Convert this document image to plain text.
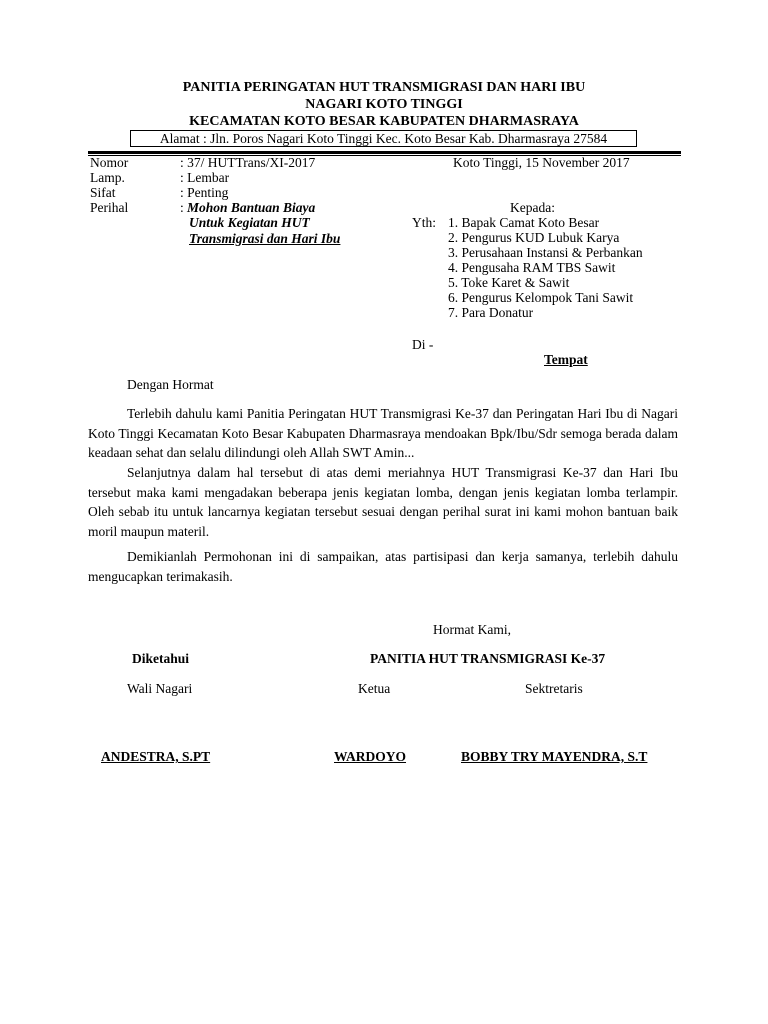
PANITIA PERINGATAN HUT TRANSMIGRASI DAN HARI IBU
NAGARI KOTO TINGGI
KECAMATAN KOTO BESAR KABUPATEN DHARMASRAYA
Alamat : Jln. Poros Nagari Koto Tinggi Kec. Koto Besar Kab. Dharmasraya 27584
Nomor	: 37/ HUTTrans/XI-2017	Koto Tinggi, 15 November 2017
Lamp.	: Lembar
Sifat	: Penting
Perihal	: Mohon Bantuan Biaya
Untuk Kegiatan HUT
Transmigrasi dan Hari Ibu
Kepada:
Yth: 1. Bapak Camat Koto Besar
2. Pengurus KUD Lubuk Karya
3. Perusahaan Instansi & Perbankan
4. Pengusaha RAM TBS Sawit
5. Toke Karet & Sawit
6. Pengurus Kelompok Tani Sawit
7. Para Donatur
Di -
Tempat
Dengan Hormat

Terlebih dahulu kami Panitia Peringatan HUT Transmigrasi Ke-37 dan Peringatan Hari Ibu di Nagari Koto Tinggi Kecamatan Koto Besar Kabupaten Dharmasraya mendoakan Bpk/Ibu/Sdr semoga berada dalam keadaan sehat dan selalu dilindungi oleh Allah SWT Amin...

Selanjutnya dalam hal tersebut di atas demi meriahnya HUT Transmigrasi Ke-37 dan Hari Ibu tersebut maka kami mengadakan beberapa jenis kegiatan lomba, dengan jenis kegiatan lomba terlampir. Oleh sebab itu untuk lancarnya kegiatan tersebut sesuai dengan perihal surat ini kami mohon bantuan baik moril maupun materil.

Demikianlah Permohonan ini di sampaikan, atas partisipasi dan kerja samanya, terlebih dahulu mengucapkan terimakasih.

Hormat Kami,
Diketahui	PANITIA HUT TRANSMIGRASI Ke-37
Wali Nagari	Ketua	Sektretaris
ANDESTRA, S.PT	WARDOYO	BOBBY TRY MAYENDRA, S.T
